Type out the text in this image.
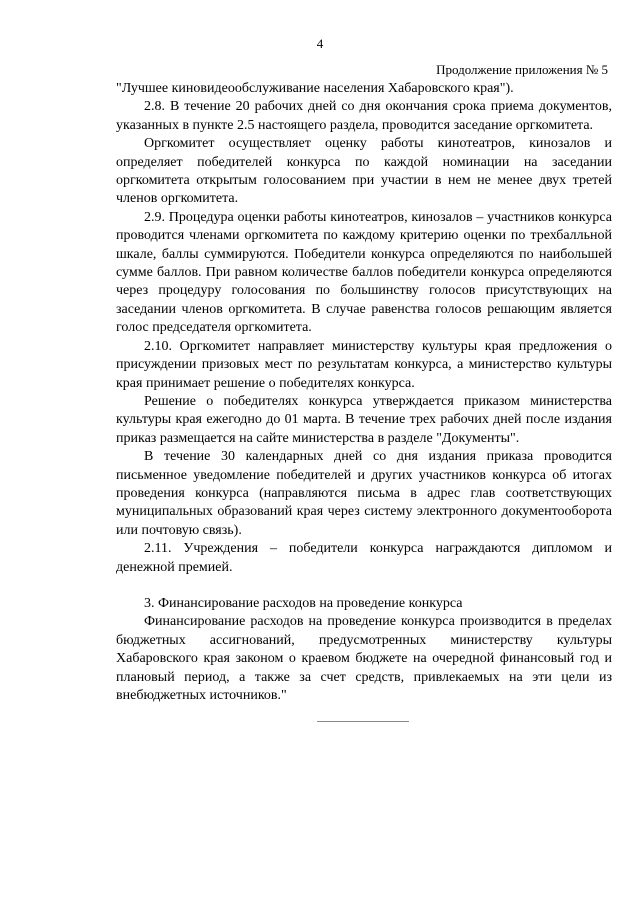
4
Продолжение приложения № 5

"Лучшее киновидеообслуживание населения Хабаровского края").

2.8. В течение 20 рабочих дней со дня окончания срока приема документов, указанных в пункте 2.5 настоящего раздела, проводится заседание оргкомитета.

Оргкомитет осуществляет оценку работы кинотеатров, кинозалов и определяет победителей конкурса по каждой номинации на заседании оргкомитета открытым голосованием при участии в нем не менее двух третей членов оргкомитета.

2.9. Процедура оценки работы кинотеатров, кинозалов – участников конкурса проводится членами оргкомитета по каждому критерию оценки по трехбалльной шкале, баллы суммируются. Победители конкурса определяются по наибольшей сумме баллов. При равном количестве баллов победители конкурса определяются через процедуру голосования по большинству голосов присутствующих на заседании членов оргкомитета. В случае равенства голосов решающим является голос председателя оргкомитета.

2.10. Оргкомитет направляет министерству культуры края предложения о присуждении призовых мест по результатам конкурса, а министерство культуры края принимает решение о победителях конкурса.

Решение о победителях конкурса утверждается приказом министерства культуры края ежегодно до 01 марта. В течение трех рабочих дней после издания приказ размещается на сайте министерства в разделе "Документы".

В течение 30 календарных дней со дня издания приказа проводится письменное уведомление победителей и других участников конкурса об итогах проведения конкурса (направляются письма в адрес глав соответствующих муниципальных образований края через систему электронного документооборота или почтовую связь).

2.11. Учреждения – победители конкурса награждаются дипломом и денежной премией.

3. Финансирование расходов на проведение конкурса

Финансирование расходов на проведение конкурса производится в пределах бюджетных ассигнований, предусмотренных министерству культуры Хабаровского края законом о краевом бюджете на очередной финансовый год и плановый период, а также за счет средств, привлекаемых на эти цели из внебюджетных источников."
